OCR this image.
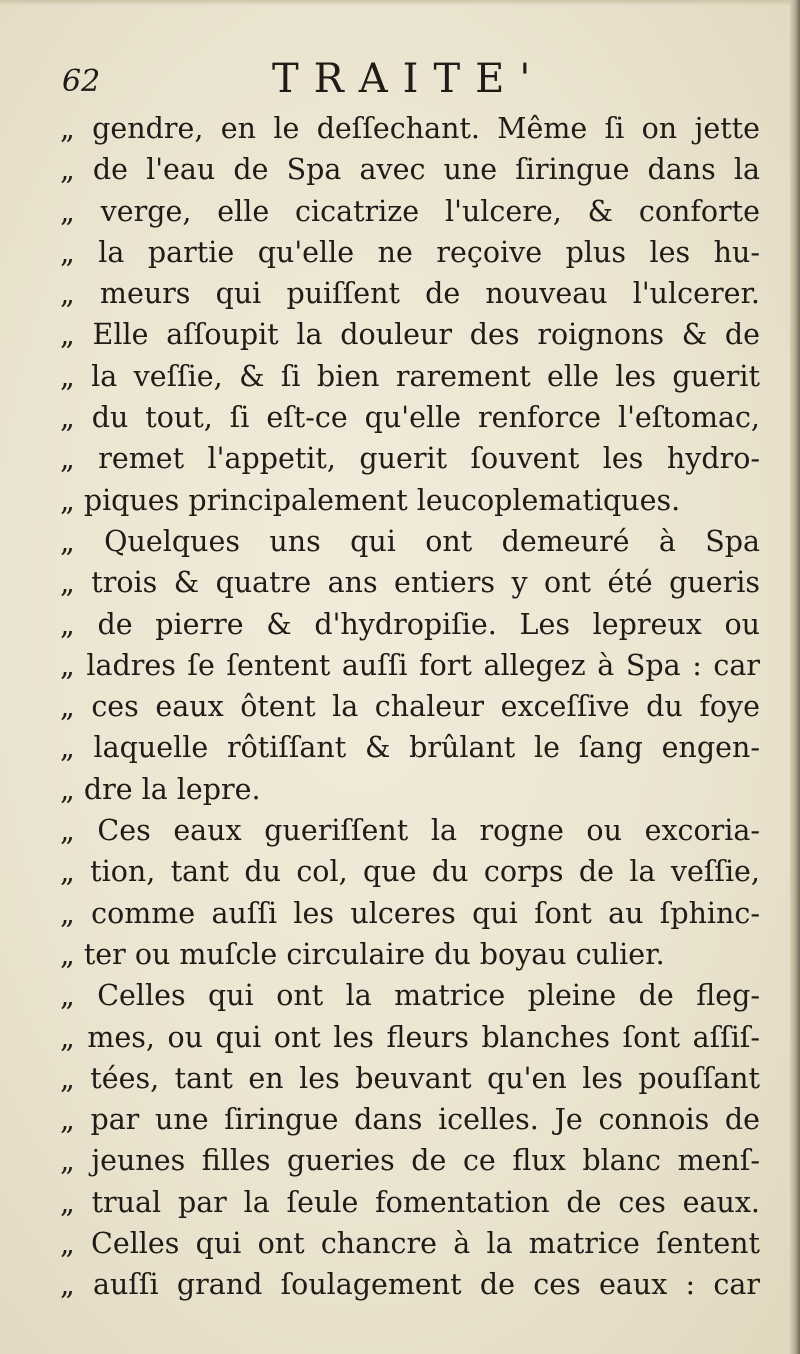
62	TRAITE'
„ gendre, en le deſſechant. Même ſi on jette
„ de l'eau de Spa avec une ſiringue dans la
„ verge, elle cicatrize l'ulcere, & conforte
„ la partie qu'elle ne reçoive plus les hu-
„ meurs qui puiſſent de nouveau l'ulcerer.
„ Elle aſſoupit la douleur des roignons & de
„ la veſſie, & ſi bien rarement elle les guerit
„ du tout, ſi eſt-ce qu'elle renforce l'eſtomac,
„ remet l'appetit, guerit ſouvent les hydro-
„ piques principalement leucoplematiques.
„ Quelques uns qui ont demeuré à Spa
„ trois & quatre ans entiers y ont été gueris
„ de pierre & d'hydropiſie. Les lepreux ou
„ ladres ſe ſentent auſſi fort allegez à Spa : car
„ ces eaux ôtent la chaleur exceſſive du foye
„ laquelle rôtiſſant & brûlant le ſang engen-
„ dre la lepre.
„ Ces eaux gueriſſent la rogne ou excoria-
„ tion, tant du col, que du corps de la veſſie,
„ comme auſſi les ulceres qui ſont au ſphinc-
„ ter ou muſcle circulaire du boyau culier.
„ Celles qui ont la matrice pleine de fleg-
„ mes, ou qui ont les fleurs blanches ſont aſſiſ-
„ tées, tant en les beuvant qu'en les pouſſant
„ par une ſiringue dans icelles. Je connois de
„ jeunes filles gueries de ce flux blanc menſ-
„ trual par la ſeule fomentation de ces eaux.
„ Celles qui ont chancre à la matrice ſentent
„ auſſi grand ſoulagement de ces eaux : car
